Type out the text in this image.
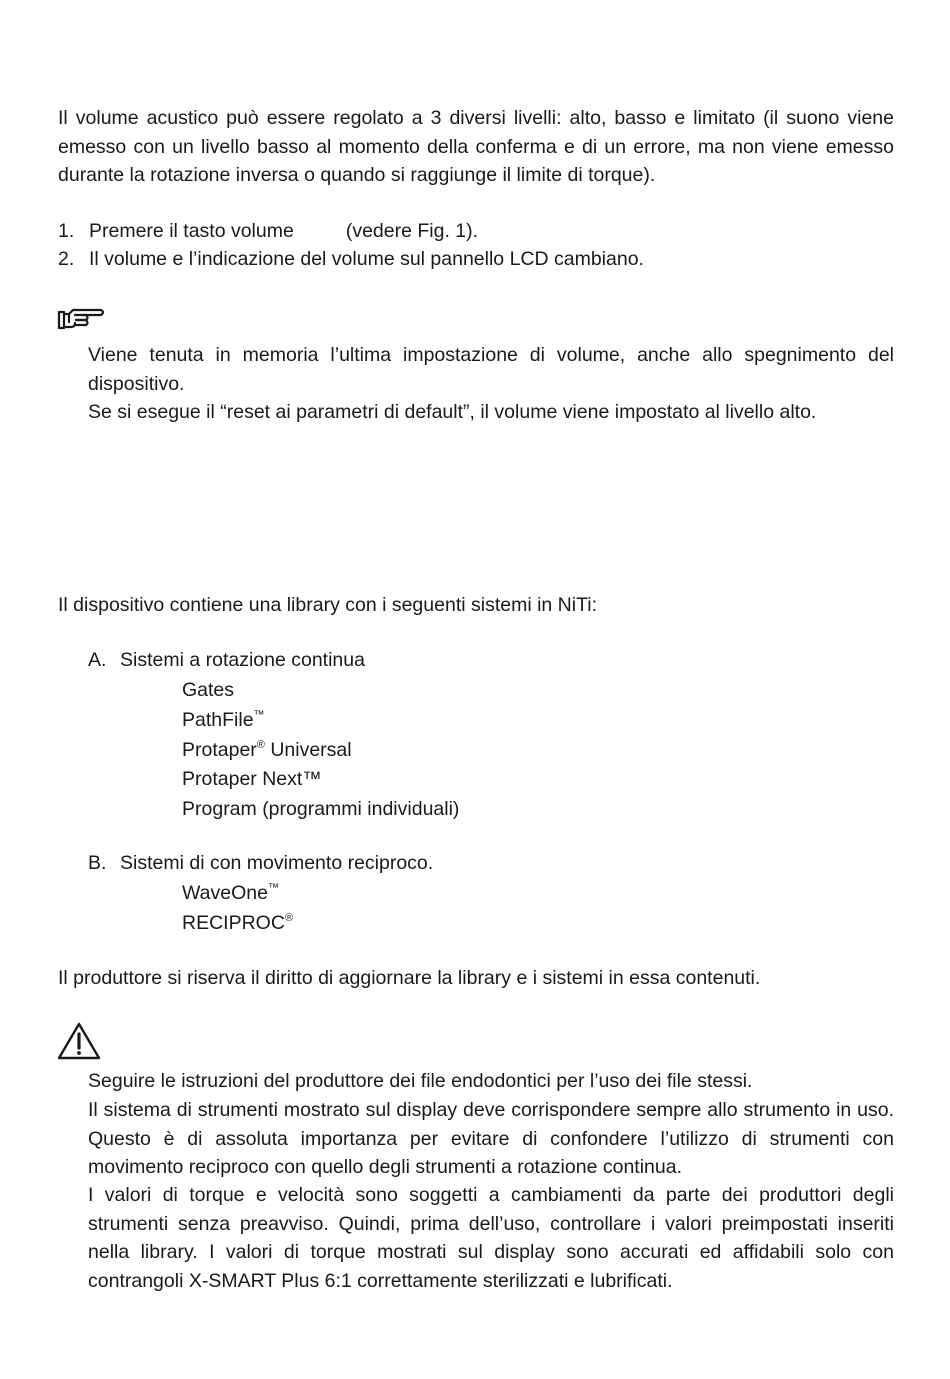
Il volume acustico può essere regolato a 3 diversi livelli: alto, basso e limitato (il suono viene emesso con un livello basso al momento della conferma e di un errore, ma non viene emesso durante la rotazione inversa o quando si raggiunge il limite di torque).

1. Premere il tasto volume	(vedere Fig. 1).
2. Il volume e l’indicazione del volume sul pannello LCD cambiano.

Viene tenuta in memoria l’ultima impostazione di volume, anche allo spegnimento del dispositivo.

Se si esegue il “reset ai parametri di default”, il volume viene impostato al livello alto.

Il dispositivo contiene una library con i seguenti sistemi in NiTi:

A. Sistemi a rotazione continua
Gates
PathFile™
Protaper® Universal
Protaper Next™
Program (programmi individuali)
B. Sistemi di con movimento reciproco.
WaveOne™
RECIPROC®

Il produttore si riserva il diritto di aggiornare la library e i sistemi in essa contenuti.

Seguire le istruzioni del produttore dei file endodontici per l’uso dei file stessi.

Il sistema di strumenti mostrato sul display deve corrispondere sempre allo strumento in uso. Questo è di assoluta importanza per evitare di confondere l’utilizzo di strumenti con movimento reciproco con quello degli strumenti a rotazione continua.

I valori di torque e velocità sono soggetti a cambiamenti da parte dei produttori degli strumenti senza preavviso. Quindi, prima dell’uso, controllare i valori preimpostati inseriti nella library. I valori di torque mostrati sul display sono accurati ed affidabili solo con contrangoli X-SMART Plus 6:1 correttamente sterilizzati e lubrificati.
